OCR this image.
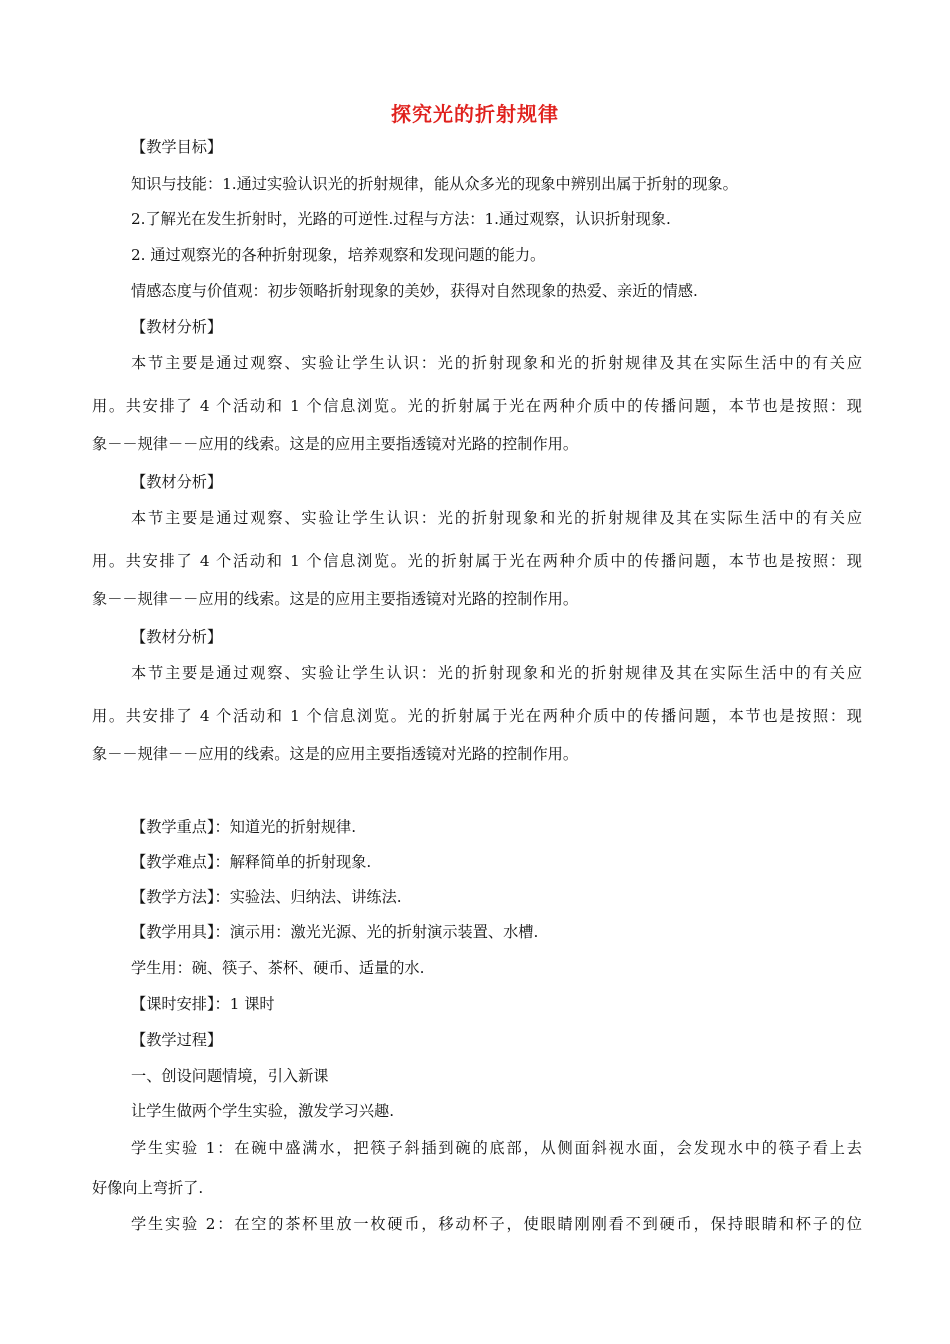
探究光的折射规律
【教学目标】
知识与技能：1.通过实验认识光的折射规律，能从众多光的现象中辨别出属于折射的现象。
2.了解光在发生折射时，光路的可逆性.过程与方法：1.通过观察，认识折射现象.
2. 通过观察光的各种折射现象，培养观察和发现问题的能力。
情感态度与价值观：初步领略折射现象的美妙，获得对自然现象的热爱、亲近的情感.
【教材分析】
本节主要是通过观察、实验让学生认识：光的折射现象和光的折射规律及其在实际生活中的有关应
用。共安排了 4 个活动和 1 个信息浏览。光的折射属于光在两种介质中的传播问题，本节也是按照：现
象－－规律－－应用的线索。这是的应用主要指透镜对光路的控制作用。
【教材分析】
本节主要是通过观察、实验让学生认识：光的折射现象和光的折射规律及其在实际生活中的有关应
用。共安排了 4 个活动和 1 个信息浏览。光的折射属于光在两种介质中的传播问题，本节也是按照：现
象－－规律－－应用的线索。这是的应用主要指透镜对光路的控制作用。
【教材分析】
本节主要是通过观察、实验让学生认识：光的折射现象和光的折射规律及其在实际生活中的有关应
用。共安排了 4 个活动和 1 个信息浏览。光的折射属于光在两种介质中的传播问题，本节也是按照：现
象－－规律－－应用的线索。这是的应用主要指透镜对光路的控制作用。
【教学重点】：知道光的折射规律.
【教学难点】：解释简单的折射现象.
【教学方法】：实验法、归纳法、讲练法.
【教学用具】：演示用：激光光源、光的折射演示装置、水槽.
学生用：碗、筷子、茶杯、硬币、适量的水.
【课时安排】：1 课时
【教学过程】
一、创设问题情境，引入新课
让学生做两个学生实验，激发学习兴趣.
学生实验 1：在碗中盛满水，把筷子斜插到碗的底部，从侧面斜视水面，会发现水中的筷子看上去
好像向上弯折了.
学生实验 2：在空的茶杯里放一枚硬币，移动杯子，使眼睛刚刚看不到硬币，保持眼睛和杯子的位
